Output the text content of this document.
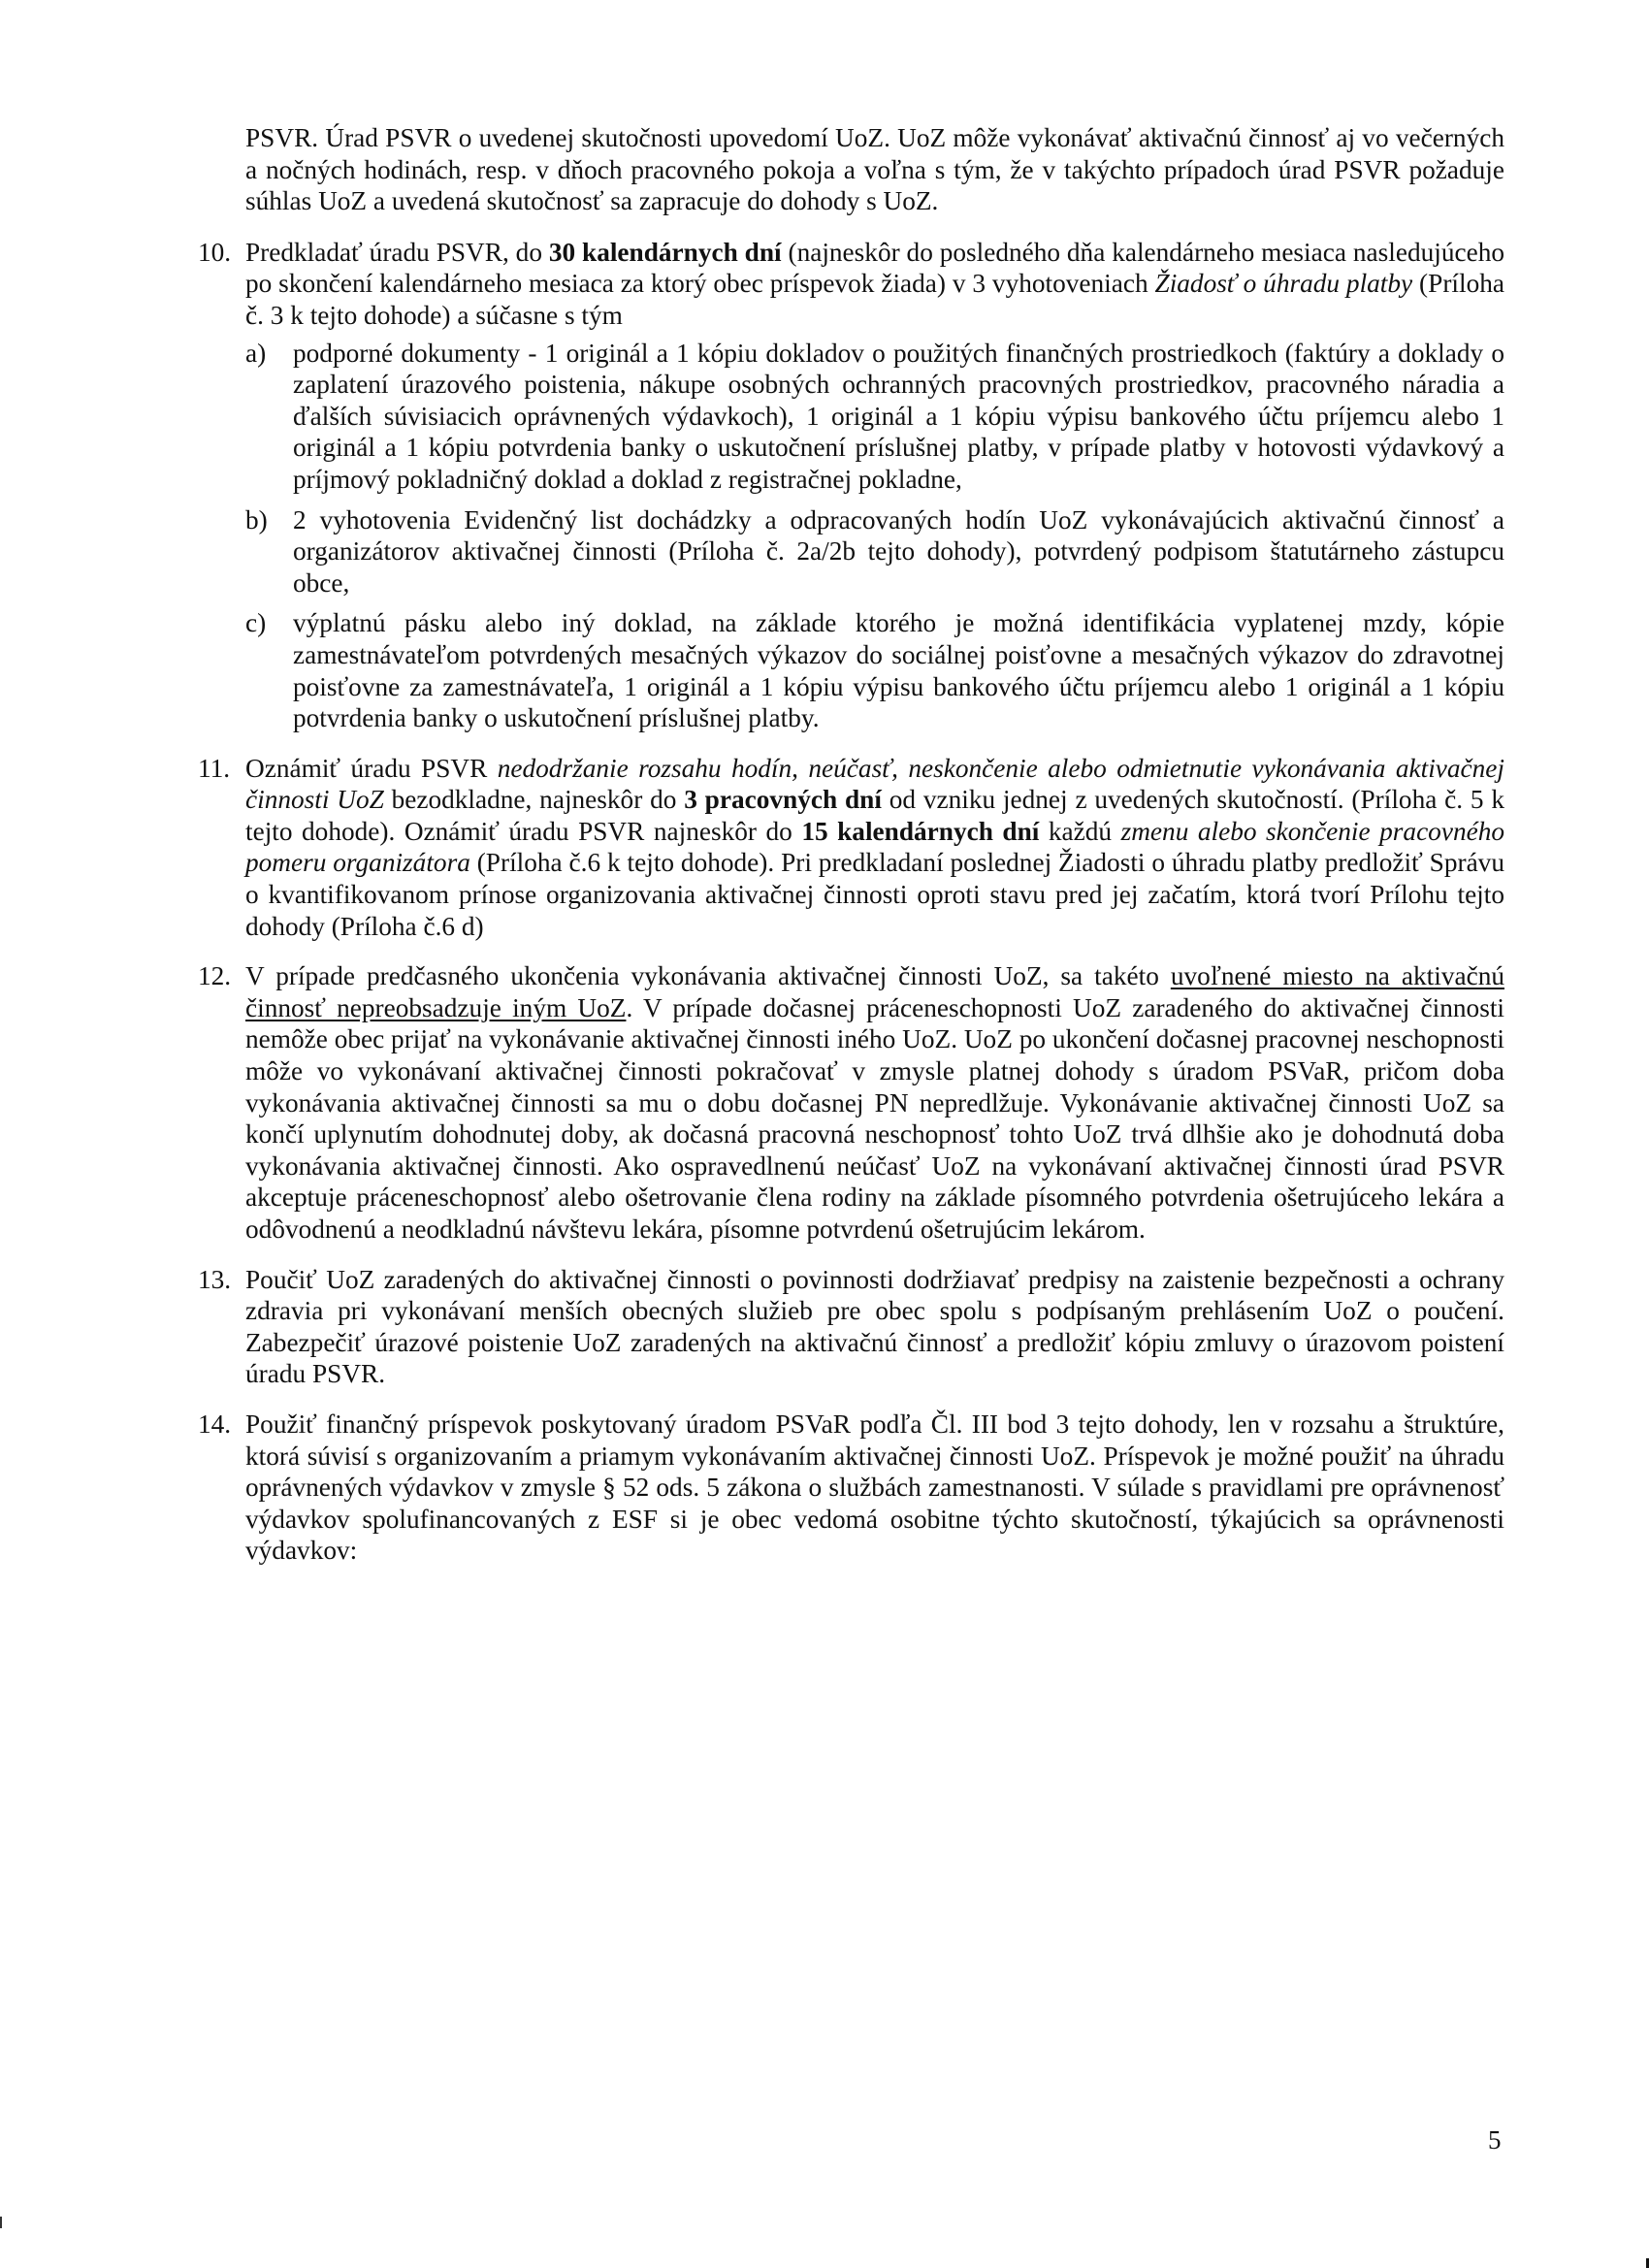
PSVR. Úrad PSVR o uvedenej skutočnosti upovedomí UoZ. UoZ môže vykonávať aktivačnú činnosť aj vo večerných a nočných hodinách, resp. v dňoch pracovného pokoja a voľna s tým, že v takýchto prípadoch úrad PSVR požaduje súhlas UoZ a uvedená skutočnosť sa zapracuje do dohody s UoZ.

10. Predkladať úradu PSVR, do 30 kalendárnych dní (najneskôr do posledného dňa kalendárneho mesiaca nasledujúceho po skončení kalendárneho mesiaca za ktorý obec príspevok žiada) v 3 vyhotoveniach Žiadosť o úhradu platby (Príloha č. 3 k tejto dohode) a súčasne s tým
a) podporné dokumenty - 1 originál a 1 kópiu dokladov o použitých finančných prostriedkoch (faktúry a doklady o zaplatení úrazového poistenia, nákupe osobných ochranných pracovných prostriedkov, pracovného náradia a ďalších súvisiacich oprávnených výdavkoch), 1 originál a 1 kópiu výpisu bankového účtu príjemcu alebo 1 originál a 1 kópiu potvrdenia banky o uskutočnení príslušnej platby, v prípade platby v hotovosti výdavkový a príjmový pokladničný doklad a doklad z registračnej pokladne,
b) 2 vyhotovenia Evidenčný list dochádzky a odpracovaných hodín UoZ vykonávajúcich aktivačnú činnosť a organizátorov aktivačnej činnosti (Príloha č. 2a/2b tejto dohody), potvrdený podpisom štatutárneho zástupcu obce,
c) výplatnú pásku alebo iný doklad, na základe ktorého je možná identifikácia vyplatenej mzdy, kópie zamestnávateľom potvrdených mesačných výkazov do sociálnej poisťovne a mesačných výkazov do zdravotnej poisťovne za zamestnávateľa, 1 originál a 1 kópiu výpisu bankového účtu príjemcu alebo 1 originál a 1 kópiu potvrdenia banky o uskutočnení príslušnej platby.
11. Oznámiť úradu PSVR nedodržanie rozsahu hodín, neúčasť, neskončenie alebo odmietnutie vykonávania aktivačnej činnosti UoZ bezodkladne, najneskôr do 3 pracovných dní od vzniku jednej z uvedených skutočností. (Príloha č. 5 k tejto dohode). Oznámiť úradu PSVR najneskôr do 15 kalendárnych dní každú zmenu alebo skončenie pracovného pomeru organizátora (Príloha č.6 k tejto dohode). Pri predkladaní poslednej Žiadosti o úhradu platby predložiť Správu o kvantifikovanom prínose organizovania aktivačnej činnosti oproti stavu pred jej začatím, ktorá tvorí Prílohu tejto dohody (Príloha č.6 d)
12. V prípade predčasného ukončenia vykonávania aktivačnej činnosti UoZ, sa takéto uvoľnené miesto na aktivačnú činnosť nepreobsadzuje iným UoZ. V prípade dočasnej práceneschopnosti UoZ zaradeného do aktivačnej činnosti nemôže obec prijať na vykonávanie aktivačnej činnosti iného UoZ. UoZ po ukončení dočasnej pracovnej neschopnosti môže vo vykonávaní aktivačnej činnosti pokračovať v zmysle platnej dohody s úradom PSVaR, pričom doba vykonávania aktivačnej činnosti sa mu o dobu dočasnej PN nepredlžuje. Vykonávanie aktivačnej činnosti UoZ sa končí uplynutím dohodnutej doby, ak dočasná pracovná neschopnosť tohto UoZ trvá dlhšie ako je dohodnutá doba vykonávania aktivačnej činnosti. Ako ospravedlnenú neúčasť UoZ na vykonávaní aktivačnej činnosti úrad PSVR akceptuje práceneschopnosť alebo ošetrovanie člena rodiny na základe písomného potvrdenia ošetrujúceho lekára a odôvodnenú a neodkladnú návštevu lekára, písomne potvrdenú ošetrujúcim lekárom.
13. Poučiť UoZ zaradených do aktivačnej činnosti o povinnosti dodržiavať predpisy na zaistenie bezpečnosti a ochrany zdravia pri vykonávaní menších obecných služieb pre obec spolu s podpísaným prehlásením UoZ o poučení. Zabezpečiť úrazové poistenie UoZ zaradených na aktivačnú činnosť a predložiť kópiu zmluvy o úrazovom poistení úradu PSVR.
14. Použiť finančný príspevok poskytovaný úradom PSVaR podľa Čl. III bod 3 tejto dohody, len v rozsahu a štruktúre, ktorá súvisí s organizovaním a priamym vykonávaním aktivačnej činnosti UoZ. Príspevok je možné použiť na úhradu oprávnených výdavkov v zmysle § 52 ods. 5 zákona o službách zamestnanosti. V súlade s pravidlami pre oprávnenosť výdavkov spolufinancovaných z ESF si je obec vedomá osobitne týchto skutočností, týkajúcich sa oprávnenosti výdavkov:
5
